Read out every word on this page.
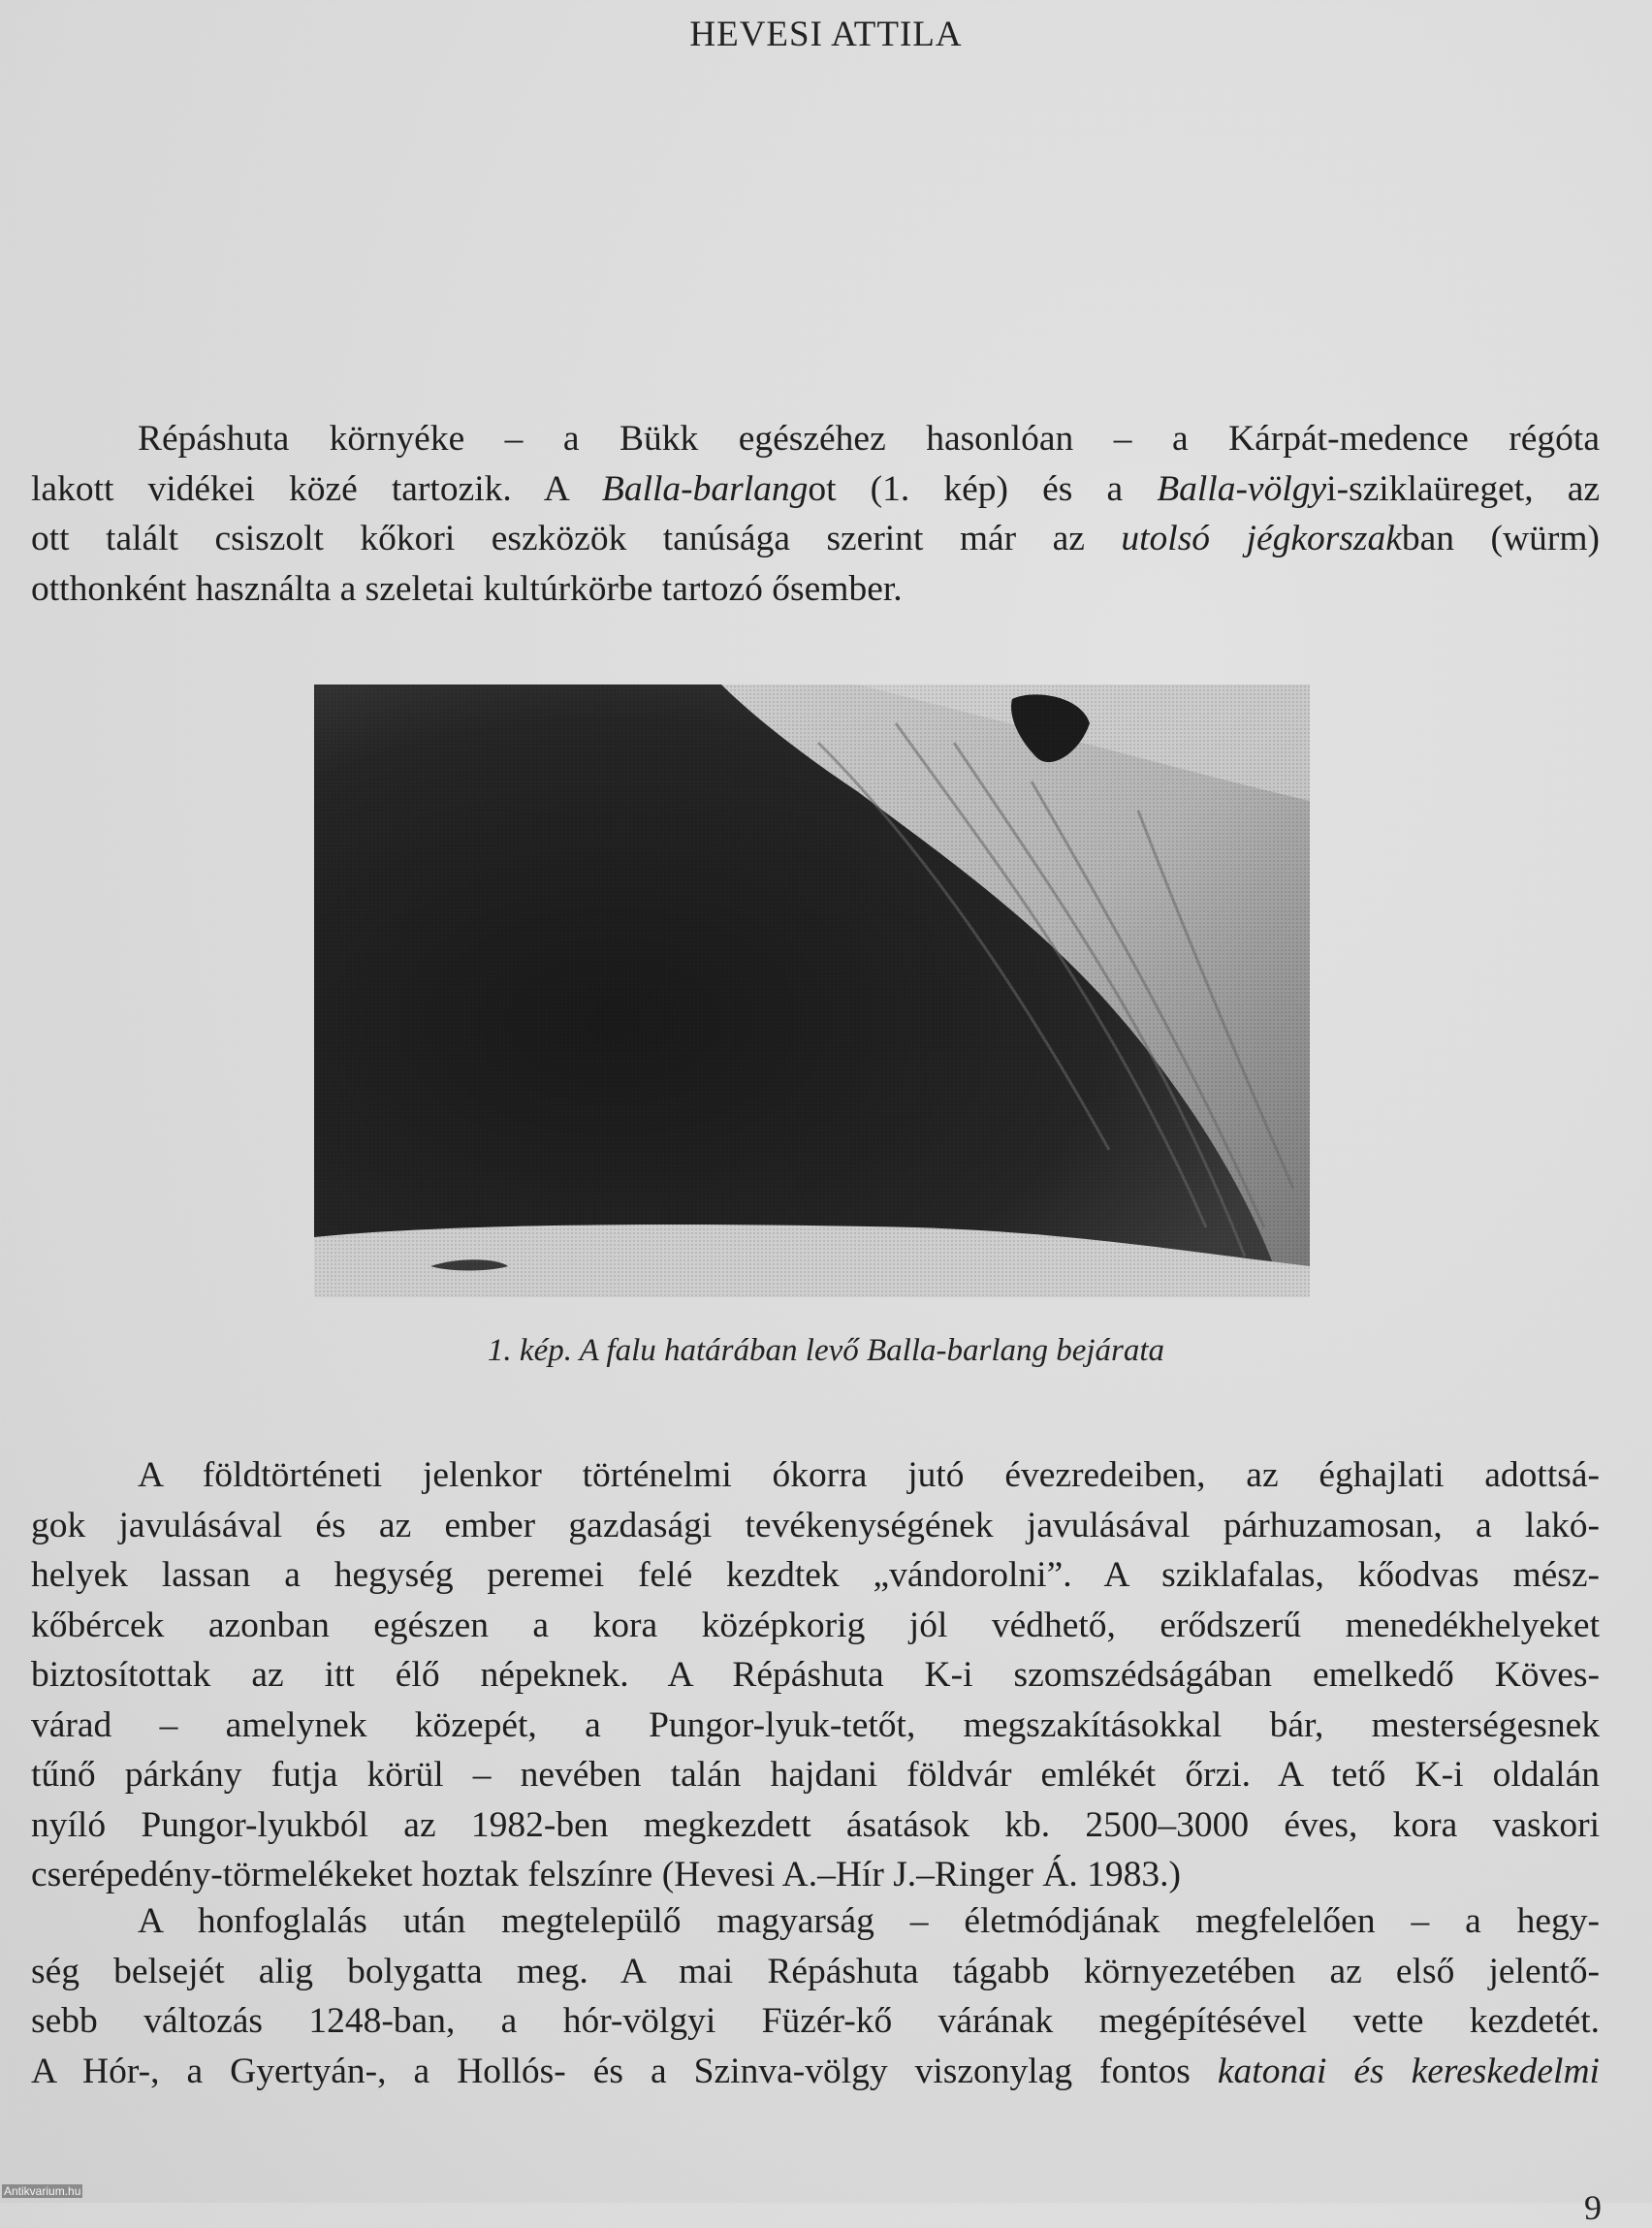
HEVESI ATTILA
Répáshuta környéke – a Bükk egészéhez hasonlóan – a Kárpát-medence régóta
lakott vidékei közé tartozik. A Balla-barlangot (1. kép) és a Balla-völgyi-sziklaüreget, az
ott talált csiszolt kőkori eszközök tanúsága szerint már az utolsó jégkorszakban (würm)
otthonként használta a szeletai kultúrkörbe tartozó ősember.
1. kép. A falu határában levő Balla-barlang bejárata
A földtörténeti jelenkor történelmi ókorra jutó évezredeiben, az éghajlati adottsá-
gok javulásával és az ember gazdasági tevékenységének javulásával párhuzamosan, a lakó-
helyek lassan a hegység peremei felé kezdtek „vándorolni”. A sziklafalas, kőodvas mész-
kőbércek azonban egészen a kora középkorig jól védhető, erődszerű menedékhelyeket
biztosítottak az itt élő népeknek. A Répáshuta K-i szomszédságában emelkedő Köves-
várad – amelynek közepét, a Pungor-lyuk-tetőt, megszakításokkal bár, mesterségesnek
tűnő párkány futja körül – nevében talán hajdani földvár emlékét őrzi. A tető K-i oldalán
nyíló Pungor-lyukból az 1982-ben megkezdett ásatások kb. 2500–3000 éves, kora vaskori
cserépedény-törmelékeket hoztak felszínre (Hevesi A.–Hír J.–Ringer Á. 1983.)
A honfoglalás után megtelepülő magyarság – életmódjának megfelelően – a hegy-
ség belsejét alig bolygatta meg. A mai Répáshuta tágabb környezetében az első jelentő-
sebb változás 1248-ban, a hór-völgyi Füzér-kő várának megépítésével vette kezdetét.
A Hór-, a Gyertyán-, a Hollós- és a Szinva-völgy viszonylag fontos katonai és kereskedelmi
Antikvarium.hu	9
